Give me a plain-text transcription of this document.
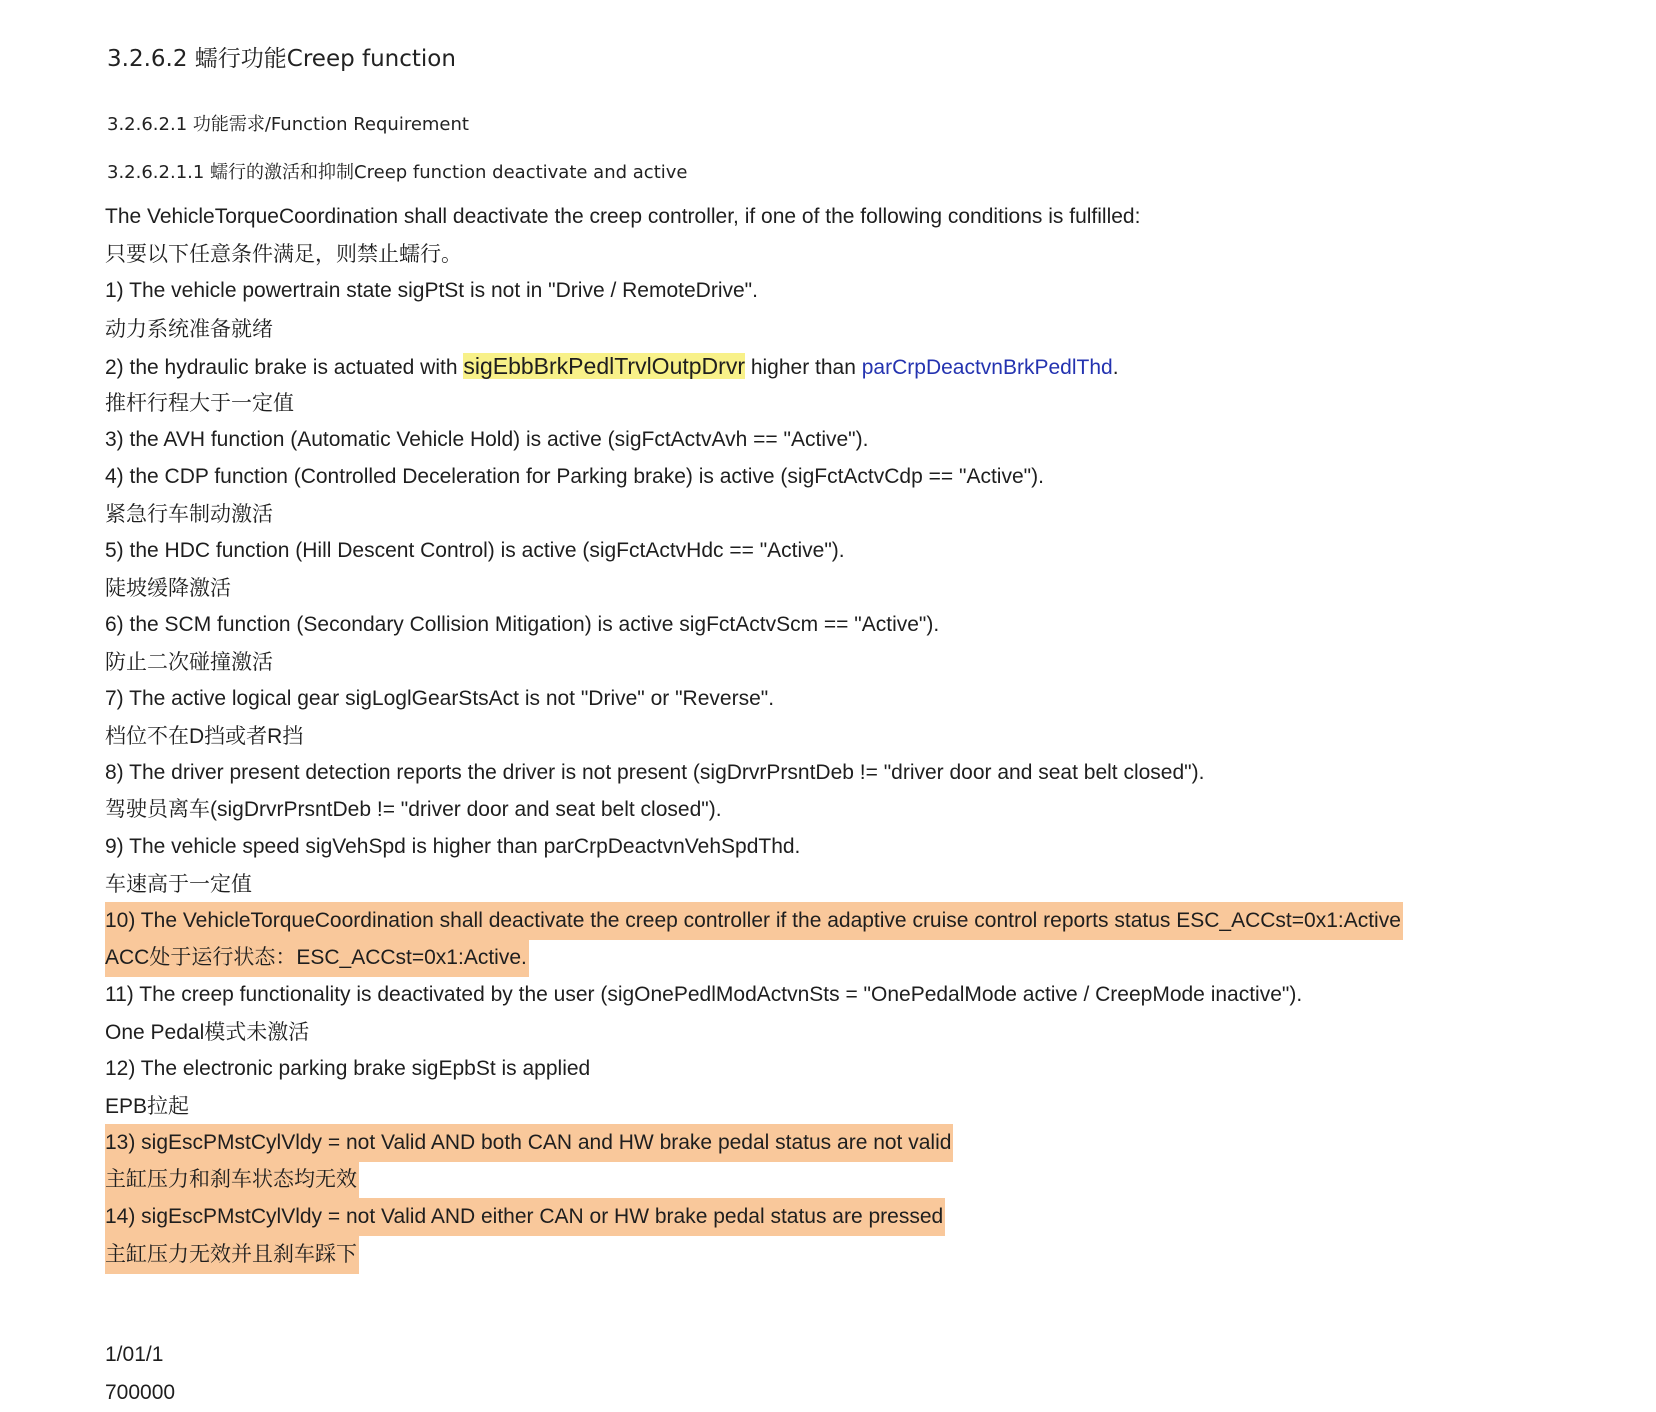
3.2.6.2 蠕行功能Creep function
3.2.6.2.1 功能需求/Function Requirement
3.2.6.2.1.1 蠕行的激活和抑制Creep function deactivate and active
The VehicleTorqueCoordination shall deactivate the creep controller, if one of the following conditions is fulfilled:
只要以下任意条件满足，则禁止蠕行。
1) The vehicle powertrain state sigPtSt is not in "Drive / RemoteDrive".
动力系统准备就绪
2) the hydraulic brake is actuated with sigEbbBrkPedlTrvlOutpDrvr higher than parCrpDeactvnBrkPedlThd.
推杆行程大于一定值
3) the AVH function (Automatic Vehicle Hold) is active (sigFctActvAvh == "Active").
4) the CDP function (Controlled Deceleration for Parking brake) is active (sigFctActvCdp == "Active").
紧急行车制动激活
5) the HDC function (Hill Descent Control) is active (sigFctActvHdc == "Active").
陡坡缓降激活
6) the SCM function (Secondary Collision Mitigation) is active sigFctActvScm == "Active").
防止二次碰撞激活
7) The active logical gear sigLoglGearStsAct is not "Drive" or "Reverse".
档位不在D挡或者R挡
8) The driver present detection reports the driver is not present (sigDrvrPrsntDeb != "driver door and seat belt closed").
驾驶员离车(sigDrvrPrsntDeb != "driver door and seat belt closed").
9) The vehicle speed sigVehSpd is higher than parCrpDeactvnVehSpdThd.
车速高于一定值
10) The VehicleTorqueCoordination shall deactivate the creep controller if the adaptive cruise control reports status ESC_ACCst=0x1:Active
ACC处于运行状态：ESC_ACCst=0x1:Active.
11) The creep functionality is deactivated by the user (sigOnePedlModActvnSts = "OnePedalMode active / CreepMode inactive").
One Pedal模式未激活
12) The electronic parking brake sigEpbSt is applied
EPB拉起
13) sigEscPMstCylVldy = not Valid AND both CAN and HW brake pedal status are not valid
主缸压力和刹车状态均无效
14) sigEscPMstCylVldy = not Valid AND either CAN or HW brake pedal status are pressed
主缸压力无效并且刹车踩下
1/01/1 700000
